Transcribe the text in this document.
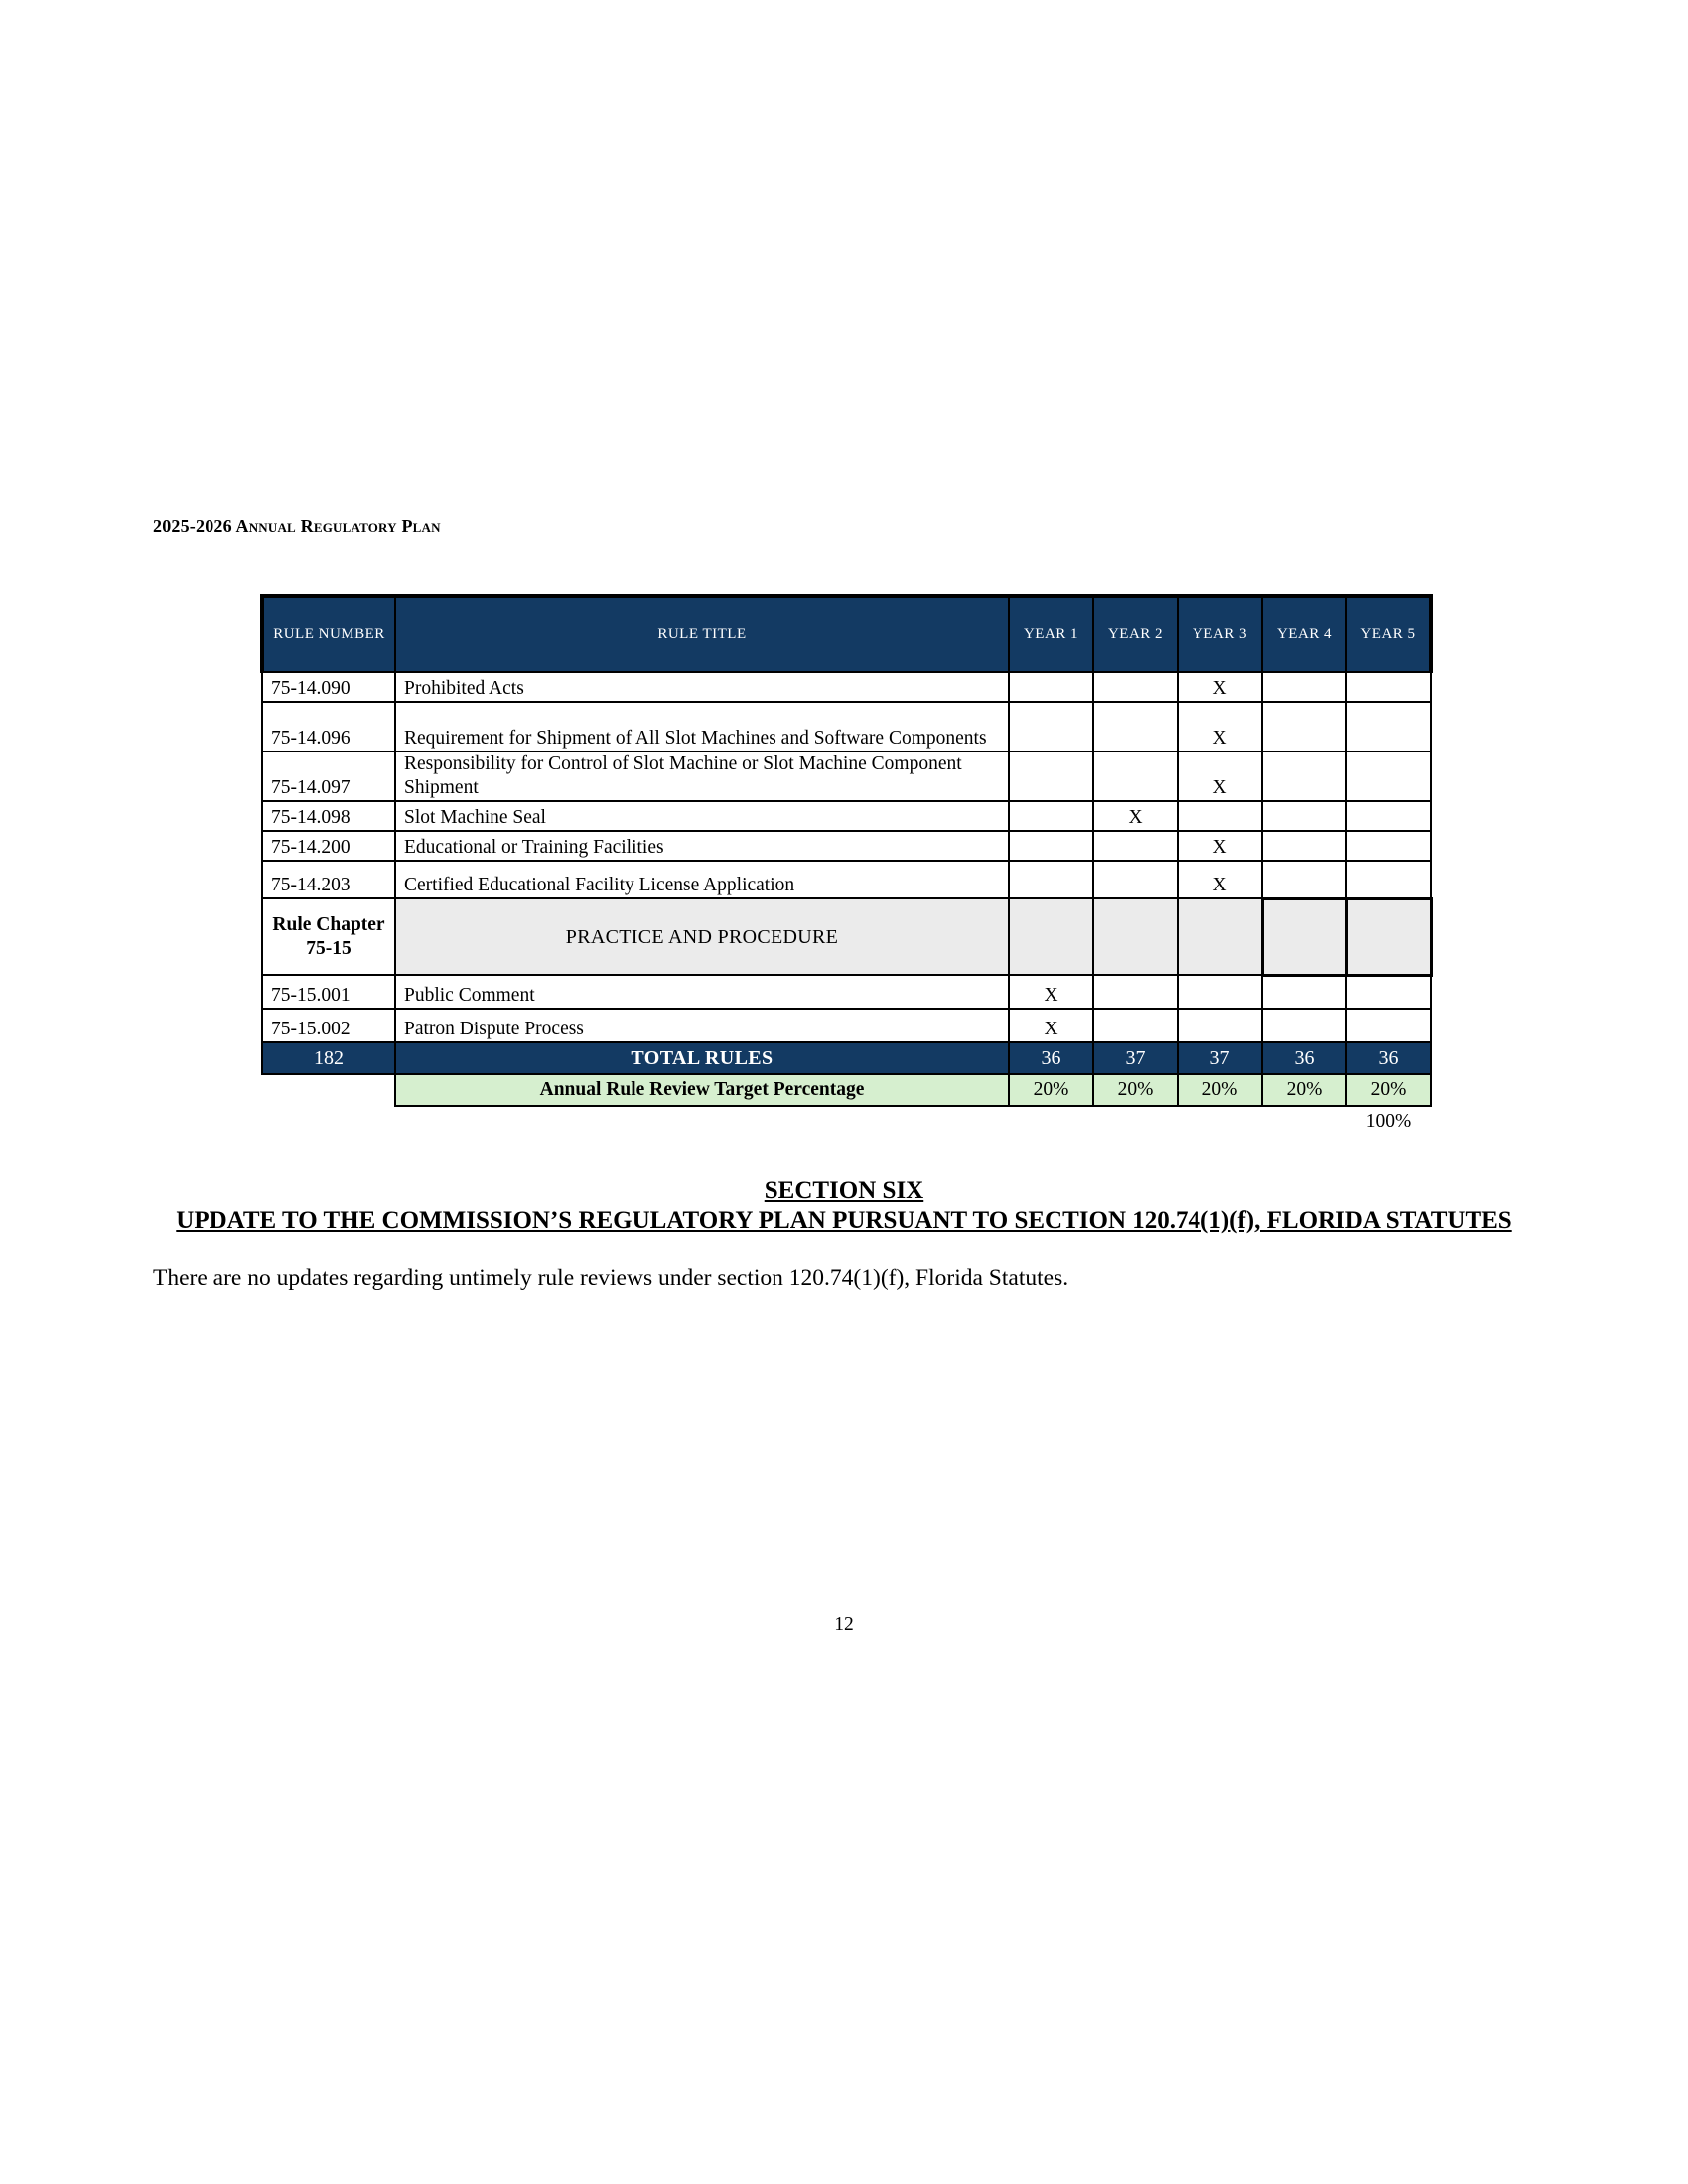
2025-2026 Annual Regulatory Plan
RULE NUMBER	RULE TITLE	YEAR 1	YEAR 2	YEAR 3	YEAR 4	YEAR 5
75-14.090	Prohibited Acts			X		
75-14.096	Requirement for Shipment of All Slot Machines and Software Components			X		
75-14.097	Responsibility for Control of Slot Machine or Slot Machine Component Shipment			X		
75-14.098	Slot Machine Seal		X			
75-14.200	Educational or Training Facilities			X		
75-14.203	Certified Educational Facility License Application			X		
Rule Chapter 75-15	PRACTICE AND PROCEDURE					
75-15.001	Public Comment	X				
75-15.002	Patron Dispute Process	X				
182	TOTAL RULES	36	37	37	36	36
	Annual Rule Review Target Percentage	20%	20%	20%	20%	20%
						100%
SECTION SIX
UPDATE TO THE COMMISSION’S REGULATORY PLAN PURSUANT TO SECTION 120.74(1)(f), FLORIDA STATUTES
There are no updates regarding untimely rule reviews under section 120.74(1)(f), Florida Statutes.
12
